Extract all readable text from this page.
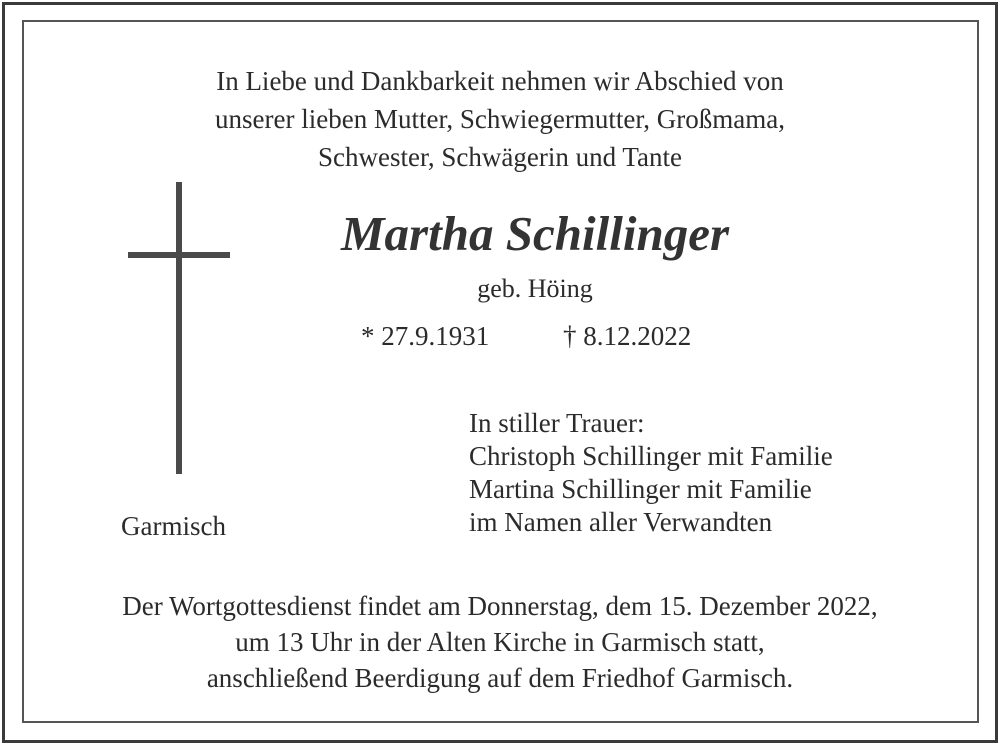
In Liebe und Dankbarkeit nehmen wir Abschied von
unserer lieben Mutter, Schwiegermutter, Großmama,
Schwester, Schwägerin und Tante
Martha Schillinger
geb. Höing
* 27.9.1931	† 8.12.2022
Garmisch
In stiller Trauer:
Christoph Schillinger mit Familie
Martina Schillinger mit Familie
im Namen aller Verwandten
Der Wortgottesdienst findet am Donnerstag, dem 15. Dezember 2022,
um 13 Uhr in der Alten Kirche in Garmisch statt,
anschließend Beerdigung auf dem Friedhof Garmisch.
